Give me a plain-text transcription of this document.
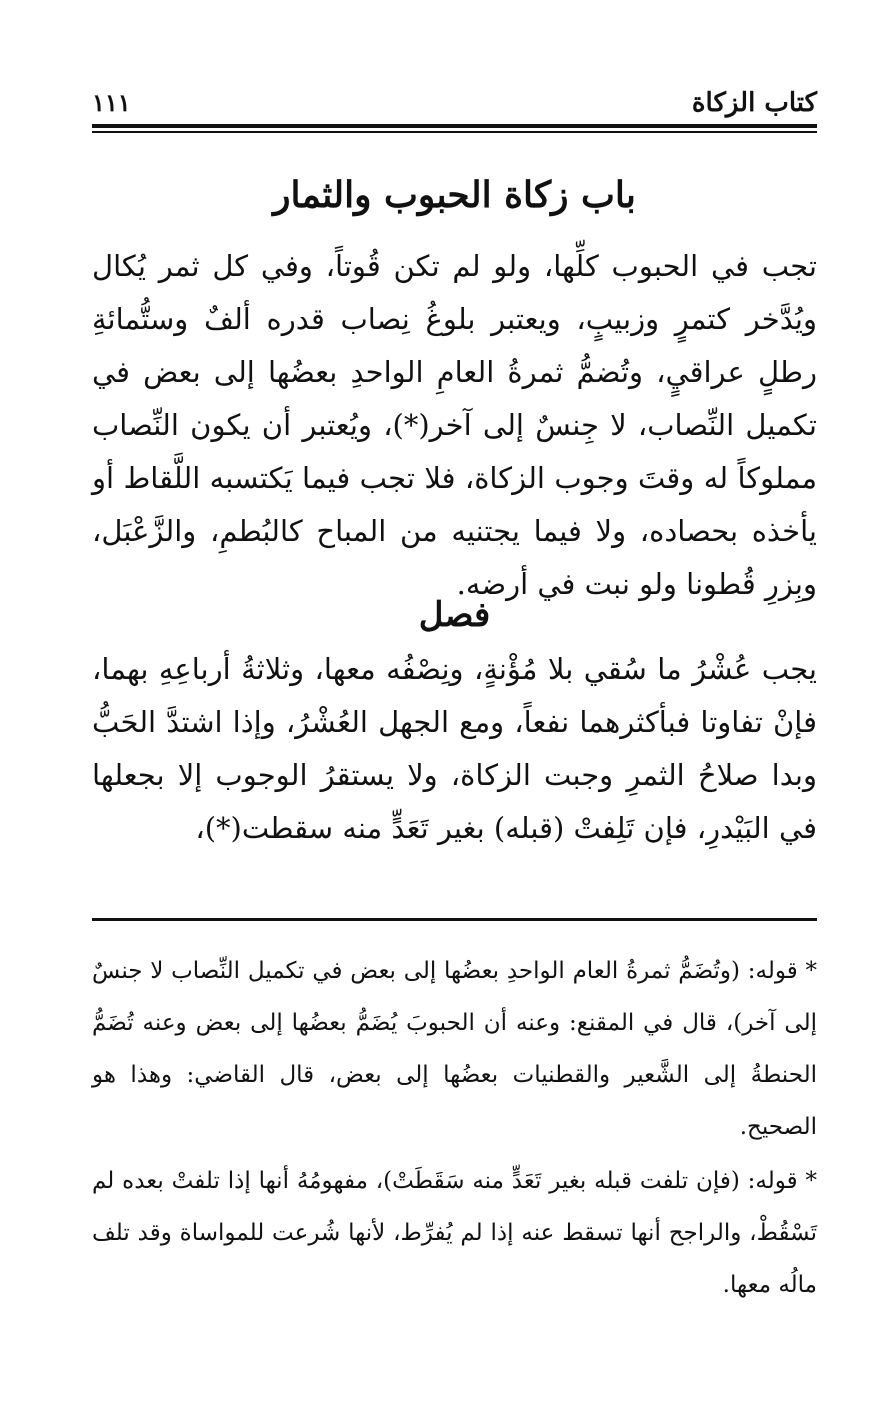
كتاب الزكاة
١١١
باب زكاة الحبوب والثمار

تجب في الحبوب كلِّها، ولو لم تكن قُوتاً، وفي كل ثمر يُكال ويُدَّخر كتمرٍ وزبيبٍ، ويعتبر بلوغُ نِصاب قدره ألفٌ وستُّمائةِ رطلٍ عراقيٍ، وتُضمُّ ثمرةُ العامِ الواحدِ بعضُها إلى بعض في تكميل النِّصاب، لا جِنسٌ إلى آخر(*)، ويُعتبر أن يكون النِّصاب مملوكاً له وقتَ وجوب الزكاة، فلا تجب فيما يَكتسبه اللَّقاط أو يأخذه بحصاده، ولا فيما يجتنيه من المباح كالبُطمِ، والزَّعْبَل، وبِزرِ قُطونا ولو نبت في أرضه.

فصل

يجب عُشْرُ ما سُقي بلا مُؤْنةٍ، ونِصْفُه معها، وثلاثةُ أرباعِهِ بهما، فإنْ تفاوتا فبأكثرهما نفعاً، ومع الجهل العُشْرُ، وإذا اشتدَّ الحَبُّ وبدا صلاحُ الثمرِ وجبت الزكاة، ولا يستقرُ الوجوب إلا بجعلها في البَيْدرِ، فإن تَلِفتْ (قبله) بغير تَعَدٍّ منه سقطت(*)،

* قوله: (وتُضَمُّ ثمرةُ العام الواحدِ بعضُها إلى بعض في تكميل النِّصاب لا جنسٌ إلى آخر)، قال في المقنع: وعنه أن الحبوبَ يُضَمُّ بعضُها إلى بعض وعنه تُضَمُّ الحنطةُ إلى الشَّعير والقطنيات بعضُها إلى بعض، قال القاضي: وهذا هو الصحيح.

* قوله: (فإن تلفت قبله بغير تَعَدٍّ منه سَقَطَتْ)، مفهومُهُ أنها إذا تلفتْ بعده لم تَسْقُطْ، والراجح أنها تسقط عنه إذا لم يُفرِّط، لأنها شُرعت للمواساة وقد تلف مالُه معها.
